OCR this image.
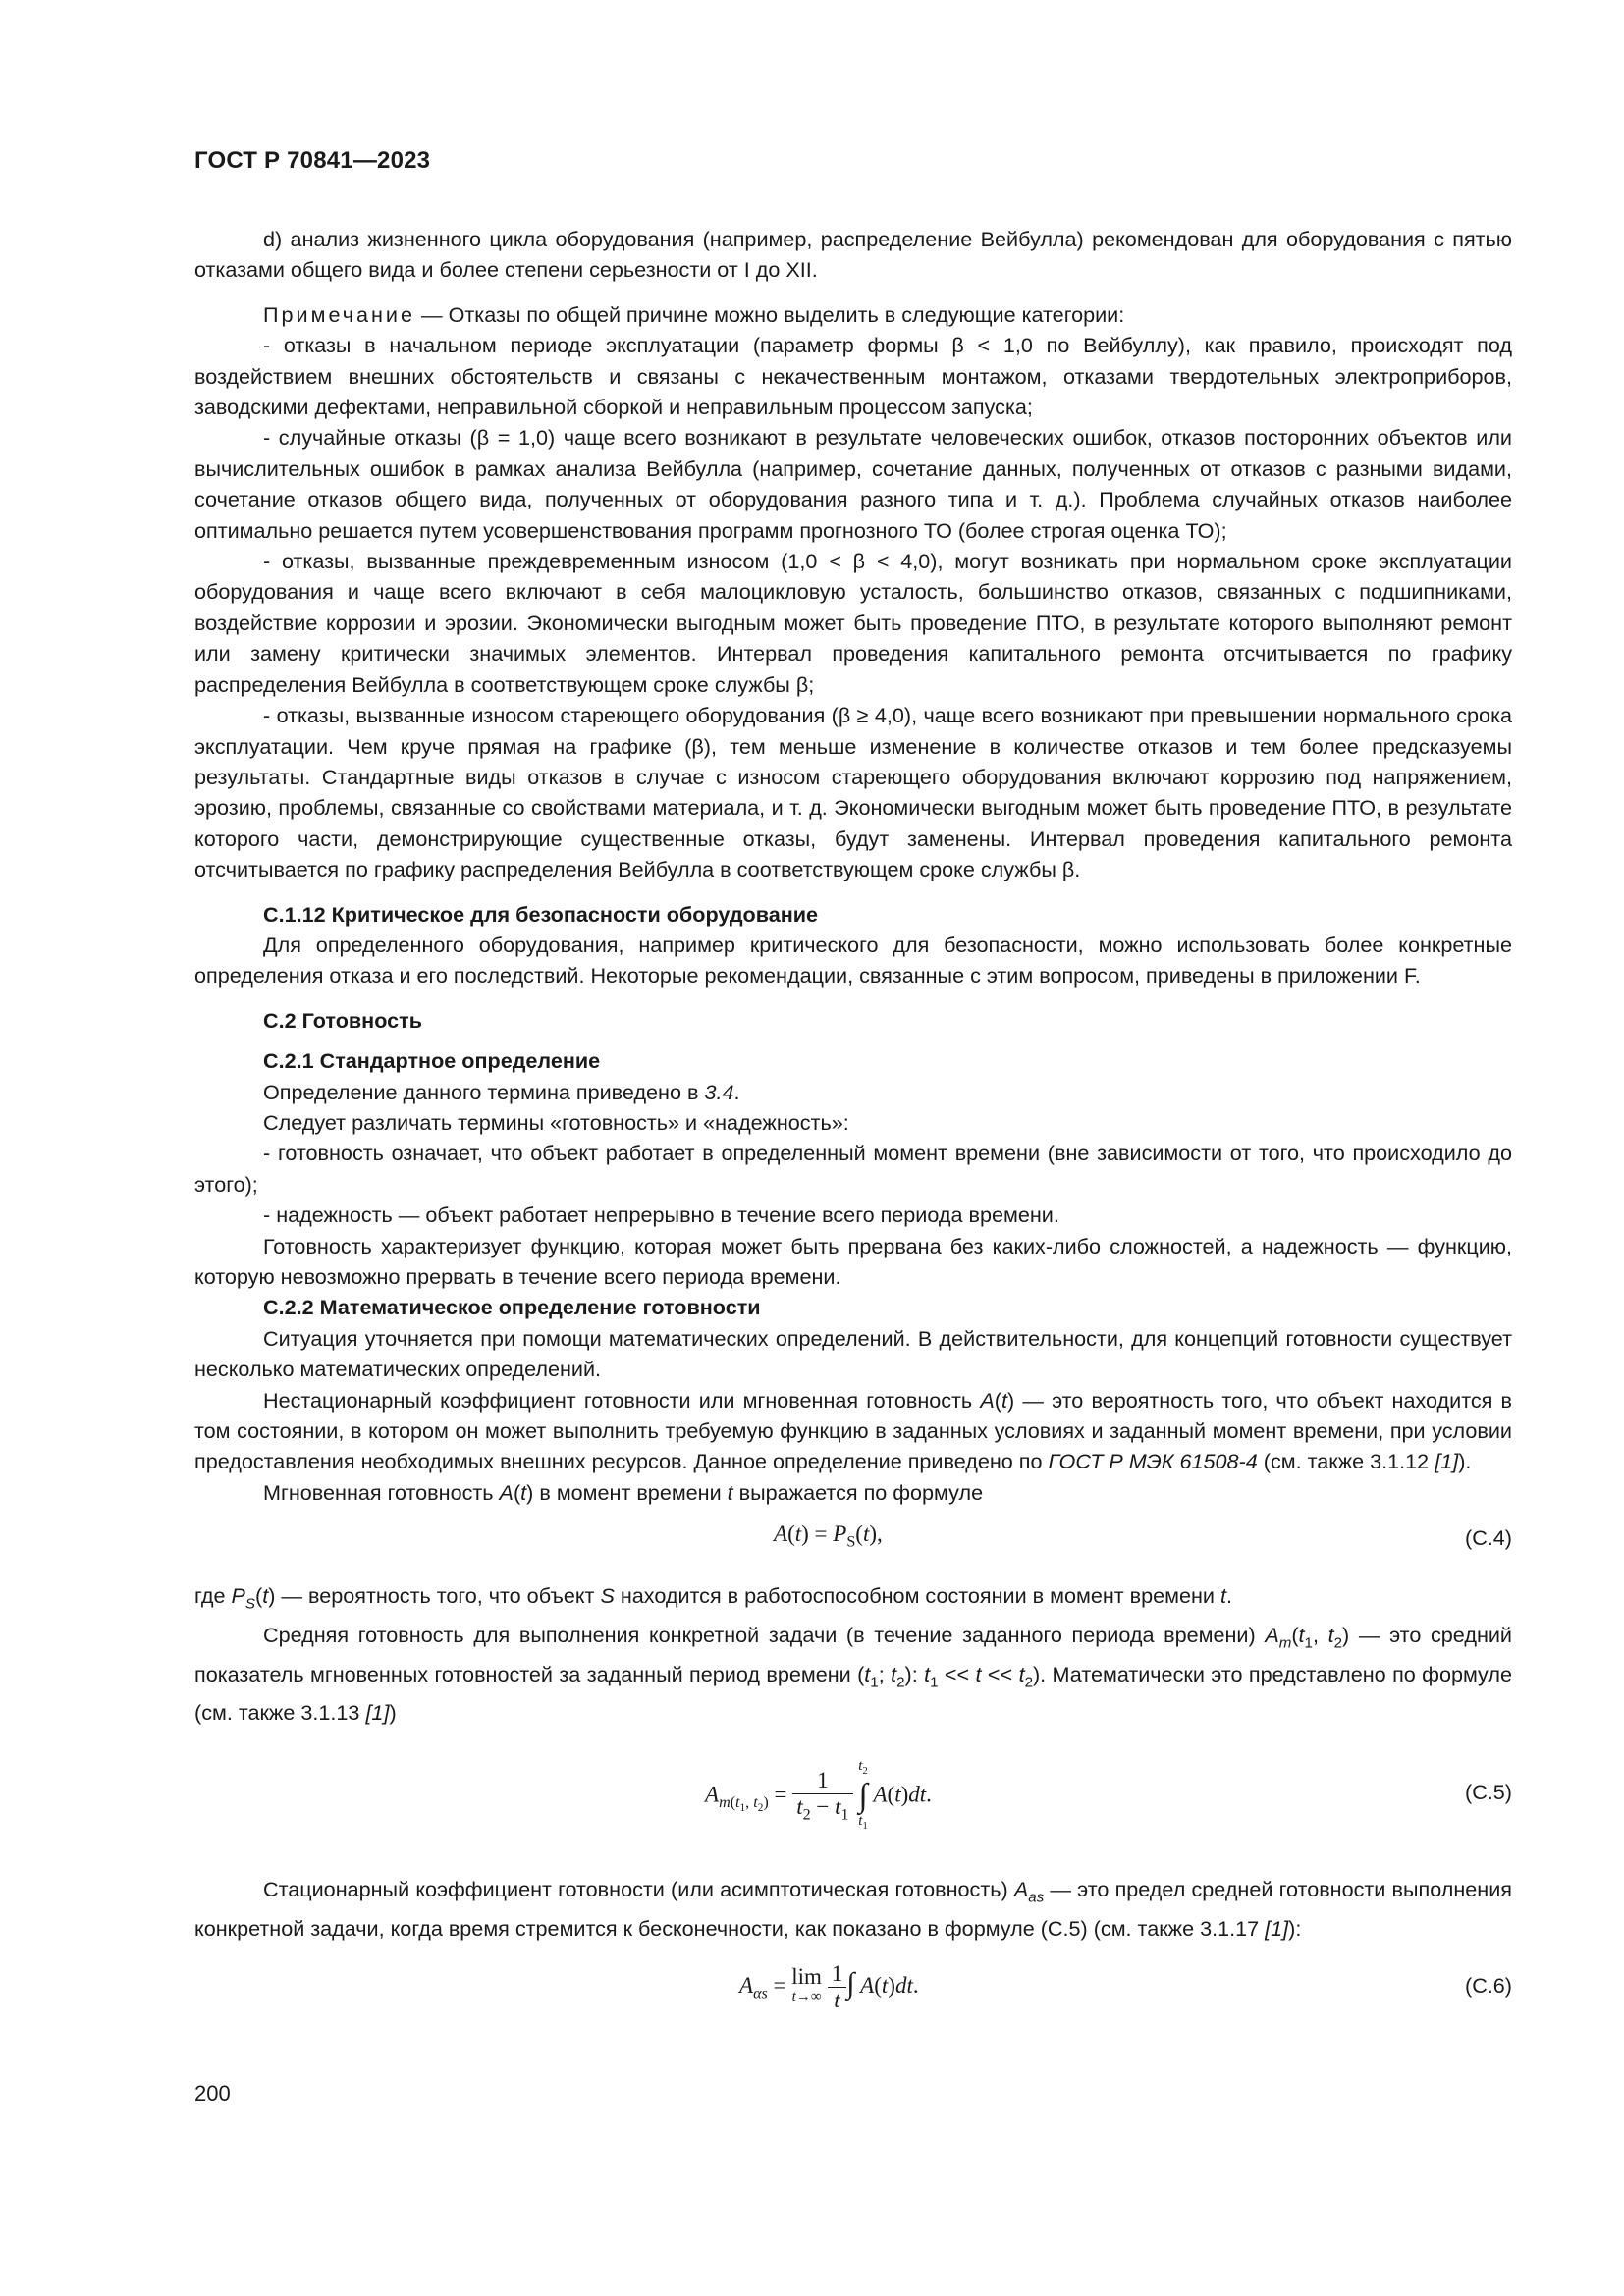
ГОСТ Р 70841—2023

d) анализ жизненного цикла оборудования (например, распределение Вейбулла) рекомендован для оборудования с пятью отказами общего вида и более степени серьезности от I до XII.

Примечание — Отказы по общей причине можно выделить в следующие категории:

- отказы в начальном периоде эксплуатации (параметр формы β < 1,0 по Вейбуллу), как правило, происходят под воздействием внешних обстоятельств и связаны с некачественным монтажом, отказами твердотельных электроприборов, заводскими дефектами, неправильной сборкой и неправильным процессом запуска;

- случайные отказы (β = 1,0) чаще всего возникают в результате человеческих ошибок, отказов посторонних объектов или вычислительных ошибок в рамках анализа Вейбулла (например, сочетание данных, полученных от отказов с разными видами, сочетание отказов общего вида, полученных от оборудования разного типа и т. д.). Проблема случайных отказов наиболее оптимально решается путем усовершенствования программ прогнозного ТО (более строгая оценка ТО);

- отказы, вызванные преждевременным износом (1,0 < β < 4,0), могут возникать при нормальном сроке эксплуатации оборудования и чаще всего включают в себя малоцикловую усталость, большинство отказов, связанных с подшипниками, воздействие коррозии и эрозии. Экономически выгодным может быть проведение ПТО, в результате которого выполняют ремонт или замену критически значимых элементов. Интервал проведения капитального ремонта отсчитывается по графику распределения Вейбулла в соответствующем сроке службы β;

- отказы, вызванные износом стареющего оборудования (β ≥ 4,0), чаще всего возникают при превышении нормального срока эксплуатации. Чем круче прямая на графике (β), тем меньше изменение в количестве отказов и тем более предсказуемы результаты. Стандартные виды отказов в случае с износом стареющего оборудования включают коррозию под напряжением, эрозию, проблемы, связанные со свойствами материала, и т. д. Экономически выгодным может быть проведение ПТО, в результате которого части, демонстрирующие существенные отказы, будут заменены. Интервал проведения капитального ремонта отсчитывается по графику распределения Вейбулла в соответствующем сроке службы β.

С.1.12 Критическое для безопасности оборудование

Для определенного оборудования, например критического для безопасности, можно использовать более конкретные определения отказа и его последствий. Некоторые рекомендации, связанные с этим вопросом, приведены в приложении F.

С.2 Готовность

С.2.1 Стандартное определение

Определение данного термина приведено в 3.4.

Следует различать термины «готовность» и «надежность»:

- готовность означает, что объект работает в определенный момент времени (вне зависимости от того, что происходило до этого);

- надежность — объект работает непрерывно в течение всего периода времени.

Готовность характеризует функцию, которая может быть прервана без каких-либо сложностей, а надежность — функцию, которую невозможно прервать в течение всего периода времени.

С.2.2 Математическое определение готовности

Ситуация уточняется при помощи математических определений. В действительности, для концепций готовности существует несколько математических определений.

Нестационарный коэффициент готовности или мгновенная готовность A(t) — это вероятность того, что объект находится в том состоянии, в котором он может выполнить требуемую функцию в заданных условиях и заданный момент времени, при условии предоставления необходимых внешних ресурсов. Данное определение приведено по ГОСТ Р МЭК 61508-4 (см. также 3.1.12 [1]).

Мгновенная готовность A(t) в момент времени t выражается по формуле

$A(t) = P_S(t)$,	(С.4)

где $P_S(t)$ — вероятность того, что объект S находится в работоспособном состоянии в момент времени t.

Средняя готовность для выполнения конкретной задачи (в течение заданного периода времени) $A_m(t_1$, $t_2$) — это средний показатель мгновенных готовностей за заданный период времени ($t_1$; $t_2$): $t_1 << t << t_2$). Математически это представлено по формуле (см. также 3.1.13 [1])

$A_{m(t_1, t_2)} = \frac{1}{t_2 - t_1}$
$t_2$
∫
$t_1$ A(t)dt.	(С.5)

Стационарный коэффициент готовности (или асимптотическая готовность) $A_{as}$ — это предел средней готовности выполнения конкретной задачи, когда время стремится к бесконечности, как показано в формуле (С.5) (см. также 3.1.17 [1]):

$A_{\alpha s} = \lim$
t→∞
$\frac{1}{t}$ ∫ A(t)dt.	(С.6)
200
